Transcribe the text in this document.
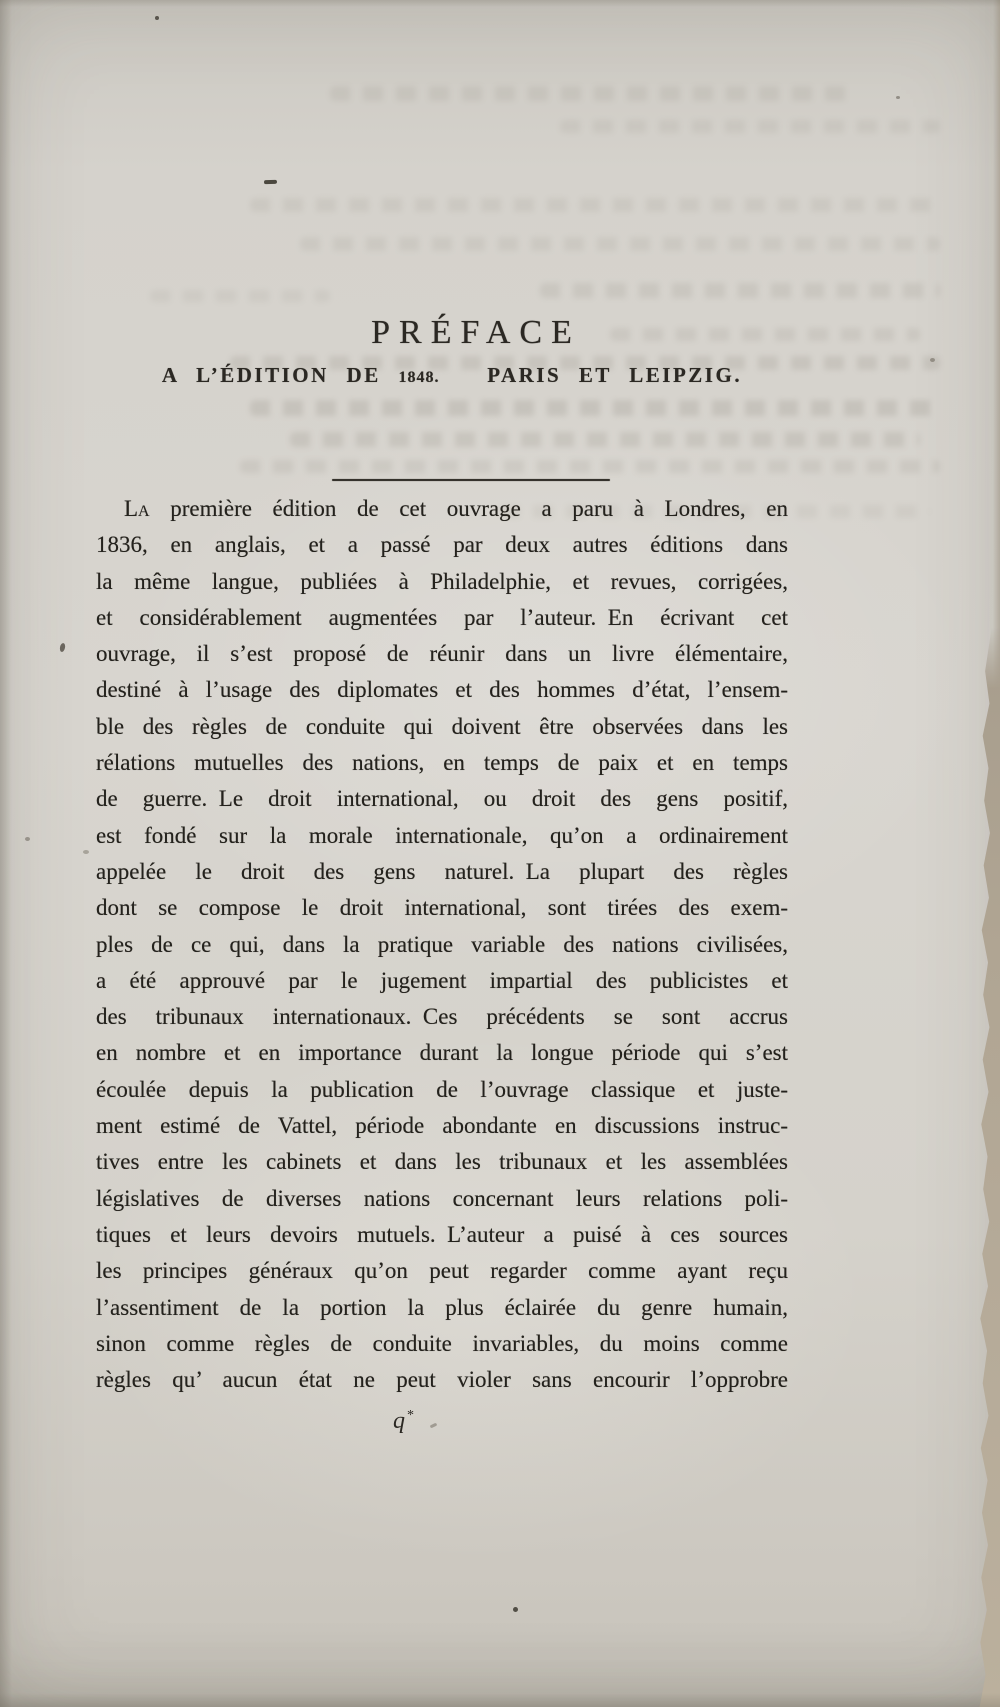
PRÉFACE
A L’ÉDITION DE 1848. PARIS ET LEIPZIG.
La première édition de cet ouvrage a paru à Londres, en
1836, en anglais, et a passé par deux autres éditions dans
la même langue, publiées à Philadelphie, et revues, corrigées,
et considérablement augmentées par l’auteur. En écrivant cet
ouvrage, il s’est proposé de réunir dans un livre élémentaire,
destiné à l’usage des diplomates et des hommes d’état, l’ensem-
ble des règles de conduite qui doivent être observées dans les
rélations mutuelles des nations, en temps de paix et en temps
de guerre. Le droit international, ou droit des gens positif,
est fondé sur la morale internationale, qu’on a ordinairement
appelée le droit des gens naturel. La plupart des règles
dont se compose le droit international, sont tirées des exem-
ples de ce qui, dans la pratique variable des nations civilisées,
a été approuvé par le jugement impartial des publicistes et
des tribunaux internationaux. Ces précédents se sont accrus
en nombre et en importance durant la longue période qui s’est
écoulée depuis la publication de l’ouvrage classique et juste-
ment estimé de Vattel, période abondante en discussions instruc-
tives entre les cabinets et dans les tribunaux et les assemblées
législatives de diverses nations concernant leurs relations poli-
tiques et leurs devoirs mutuels. L’auteur a puisé à ces sources
les principes généraux qu’on peut regarder comme ayant reçu
l’assentiment de la portion la plus éclairée du genre humain,
sinon comme règles de conduite invariables, du moins comme
règles qu’ aucun état ne peut violer sans encourir l’opprobre
q *
